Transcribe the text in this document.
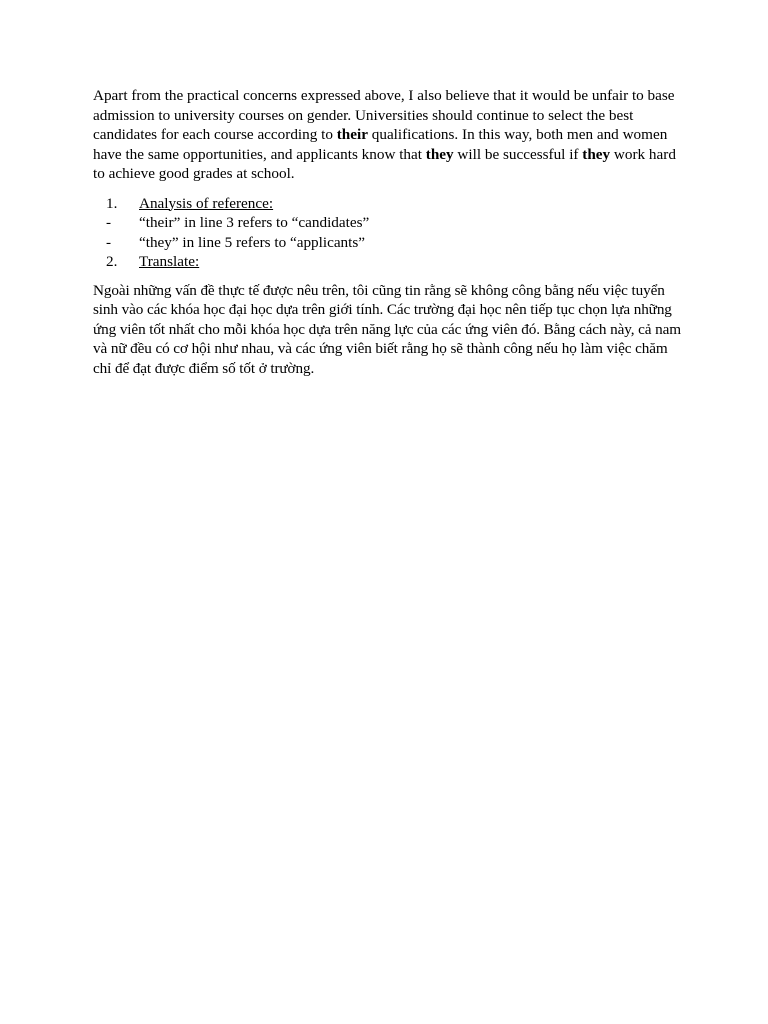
Apart from the practical concerns expressed above, I also believe that it would be unfair to base admission to university courses on gender. Universities should continue to select the best candidates for each course according to their qualifications. In this way, both men and women have the same opportunities, and applicants know that they will be successful if they work hard to achieve good grades at school.

1.	Analysis of reference:
-	“their” in line 3 refers to “candidates”
-	“they” in line 5 refers to “applicants”
2.	Translate:

Ngoài những vấn đề thực tế được nêu trên, tôi cũng tin rằng sẽ không công bằng nếu việc tuyển sinh vào các khóa học đại học dựa trên giới tính. Các trường đại học nên tiếp tục chọn lựa những ứng viên tốt nhất cho mỗi khóa học dựa trên năng lực của các ứng viên đó. Bằng cách này, cả nam và nữ đều có cơ hội như nhau, và các ứng viên biết rằng họ sẽ thành công nếu họ làm việc chăm chỉ để đạt được điểm số tốt ở trường.
